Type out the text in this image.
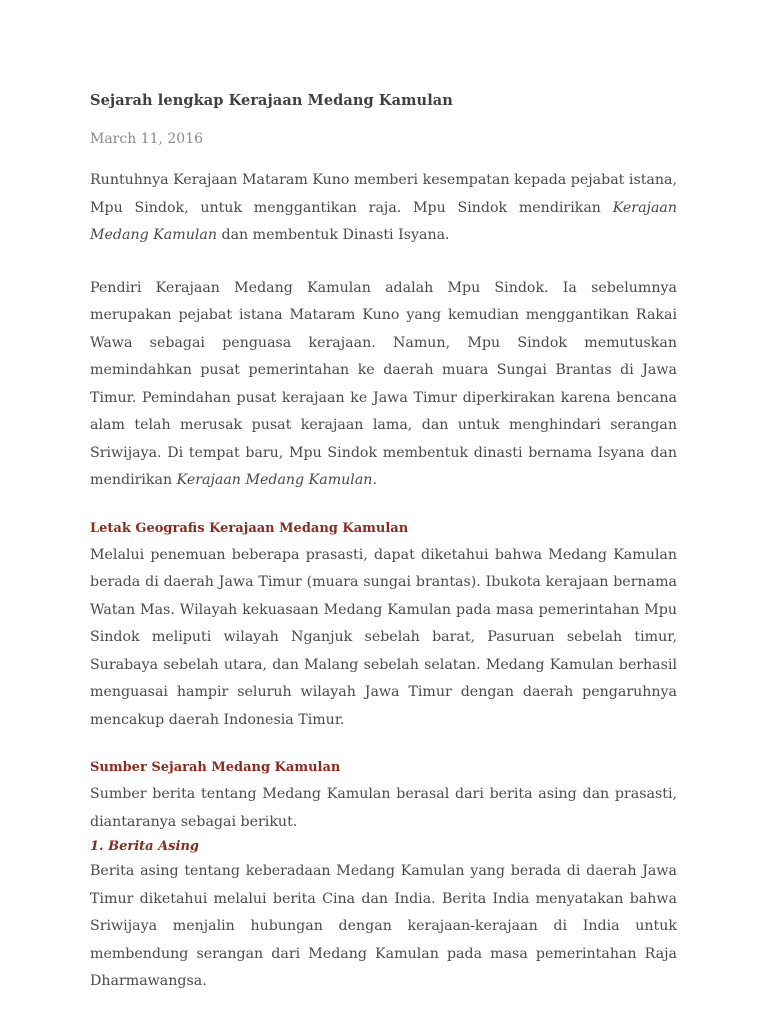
Sejarah lengkap Kerajaan Medang Kamulan
March 11, 2016

Runtuhnya Kerajaan Mataram Kuno memberi kesempatan kepada pejabat istana, Mpu Sindok, untuk menggantikan raja. Mpu Sindok mendirikan Kerajaan Medang Kamulan dan membentuk Dinasti Isyana.

Pendiri Kerajaan Medang Kamulan adalah Mpu Sindok. Ia sebelumnya merupakan pejabat istana Mataram Kuno yang kemudian menggantikan Rakai Wawa sebagai penguasa kerajaan. Namun, Mpu Sindok memutuskan memindahkan pusat pemerintahan ke daerah muara Sungai Brantas di Jawa Timur. Pemindahan pusat kerajaan ke Jawa Timur diperkirakan karena bencana alam telah merusak pusat kerajaan lama, dan untuk menghindari serangan Sriwijaya. Di tempat baru, Mpu Sindok membentuk dinasti bernama Isyana dan mendirikan Kerajaan Medang Kamulan.

Letak Geografis Kerajaan Medang Kamulan

Melalui penemuan beberapa prasasti, dapat diketahui bahwa Medang Kamulan berada di daerah Jawa Timur (muara sungai brantas). Ibukota kerajaan bernama Watan Mas. Wilayah kekuasaan Medang Kamulan pada masa pemerintahan Mpu Sindok meliputi wilayah Nganjuk sebelah barat, Pasuruan sebelah timur, Surabaya sebelah utara, dan Malang sebelah selatan. Medang Kamulan berhasil menguasai hampir seluruh wilayah Jawa Timur dengan daerah pengaruhnya mencakup daerah Indonesia Timur.

Sumber Sejarah Medang Kamulan

Sumber berita tentang Medang Kamulan berasal dari berita asing dan prasasti, diantaranya sebagai berikut.

1. Berita Asing

Berita asing tentang keberadaan Medang Kamulan yang berada di daerah Jawa Timur diketahui melalui berita Cina dan India. Berita India menyatakan bahwa Sriwijaya menjalin hubungan dengan kerajaan-kerajaan di India untuk membendung serangan dari Medang Kamulan pada masa pemerintahan Raja Dharmawangsa.
